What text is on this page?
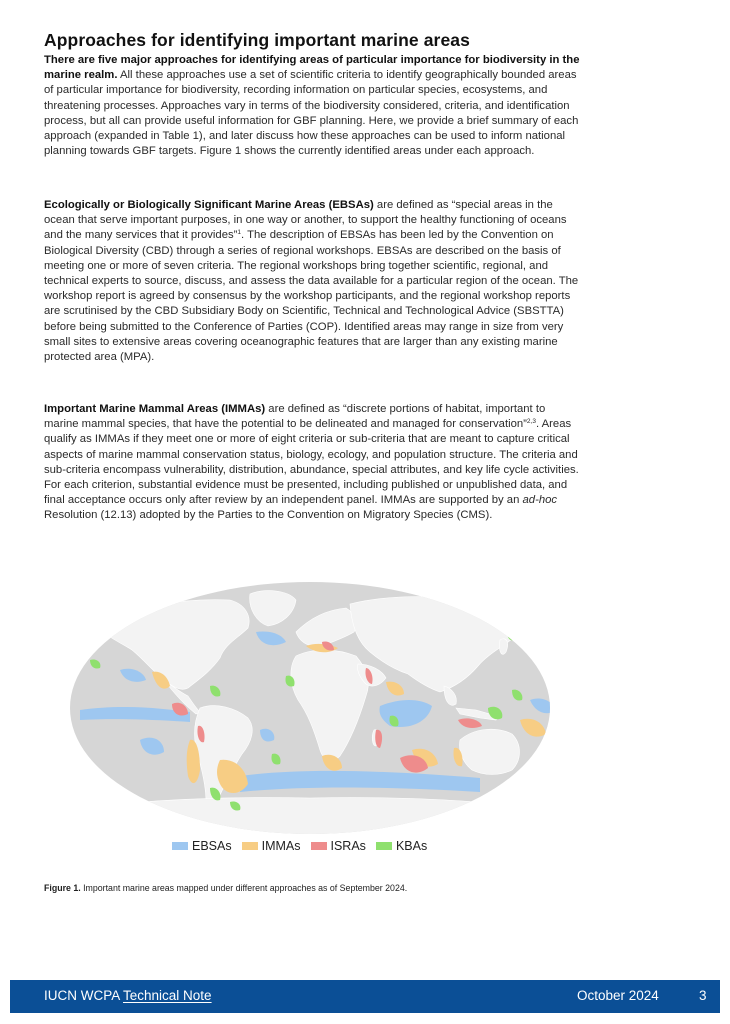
Approaches for identifying important marine areas

There are five major approaches for identifying areas of particular importance for biodiversity in the marine realm. All these approaches use a set of scientific criteria to identify geographically bounded areas of particular importance for biodiversity, recording information on particular species, ecosystems, and threatening processes. Approaches vary in terms of the biodiversity considered, criteria, and identification process, but all can provide useful information for GBF planning. Here, we provide a brief summary of each approach (expanded in Table 1), and later discuss how these approaches can be used to inform national planning towards GBF targets. Figure 1 shows the currently identified areas under each approach.

Ecologically or Biologically Significant Marine Areas (EBSAs) are defined as “special areas in the ocean that serve important purposes, in one way or another, to support the healthy functioning of oceans and the many services that it provides”$^1$. The description of EBSAs has been led by the Convention on Biological Diversity (CBD) through a series of regional workshops. EBSAs are described on the basis of meeting one or more of seven criteria. The regional workshops bring together scientific, regional, and technical experts to source, discuss, and assess the data available for a particular region of the ocean. The workshop report is agreed by consensus by the workshop participants, and the regional workshop reports are scrutinised by the CBD Subsidiary Body on Scientific, Technical and Technological Advice (SBSTTA) before being submitted to the Conference of Parties (COP). Identified areas may range in size from very small sites to extensive areas covering oceanographic features that are larger than any existing marine protected area (MPA).

Important Marine Mammal Areas (IMMAs) are defined as “discrete portions of habitat, important to marine mammal species, that have the potential to be delineated and managed for conservation”$^{2,3}$. Areas qualify as IMMAs if they meet one or more of eight criteria or sub-criteria that are meant to capture critical aspects of marine mammal conservation status, biology, ecology, and population structure. The criteria and sub-criteria encompass vulnerability, distribution, abundance, special attributes, and key life cycle activities. For each criterion, substantial evidence must be presented, including published or unpublished data, and final acceptance occurs only after review by an independent panel. IMMAs are supported by an ad-hoc Resolution (12.13) adopted by the Parties to the Convention on Migratory Species (CMS).

EBSAs IMMAs ISRAs KBAs

Figure 1. Important marine areas mapped under different approaches as of September 2024.

IUCN WCPA Technical Note	October 2024	3
